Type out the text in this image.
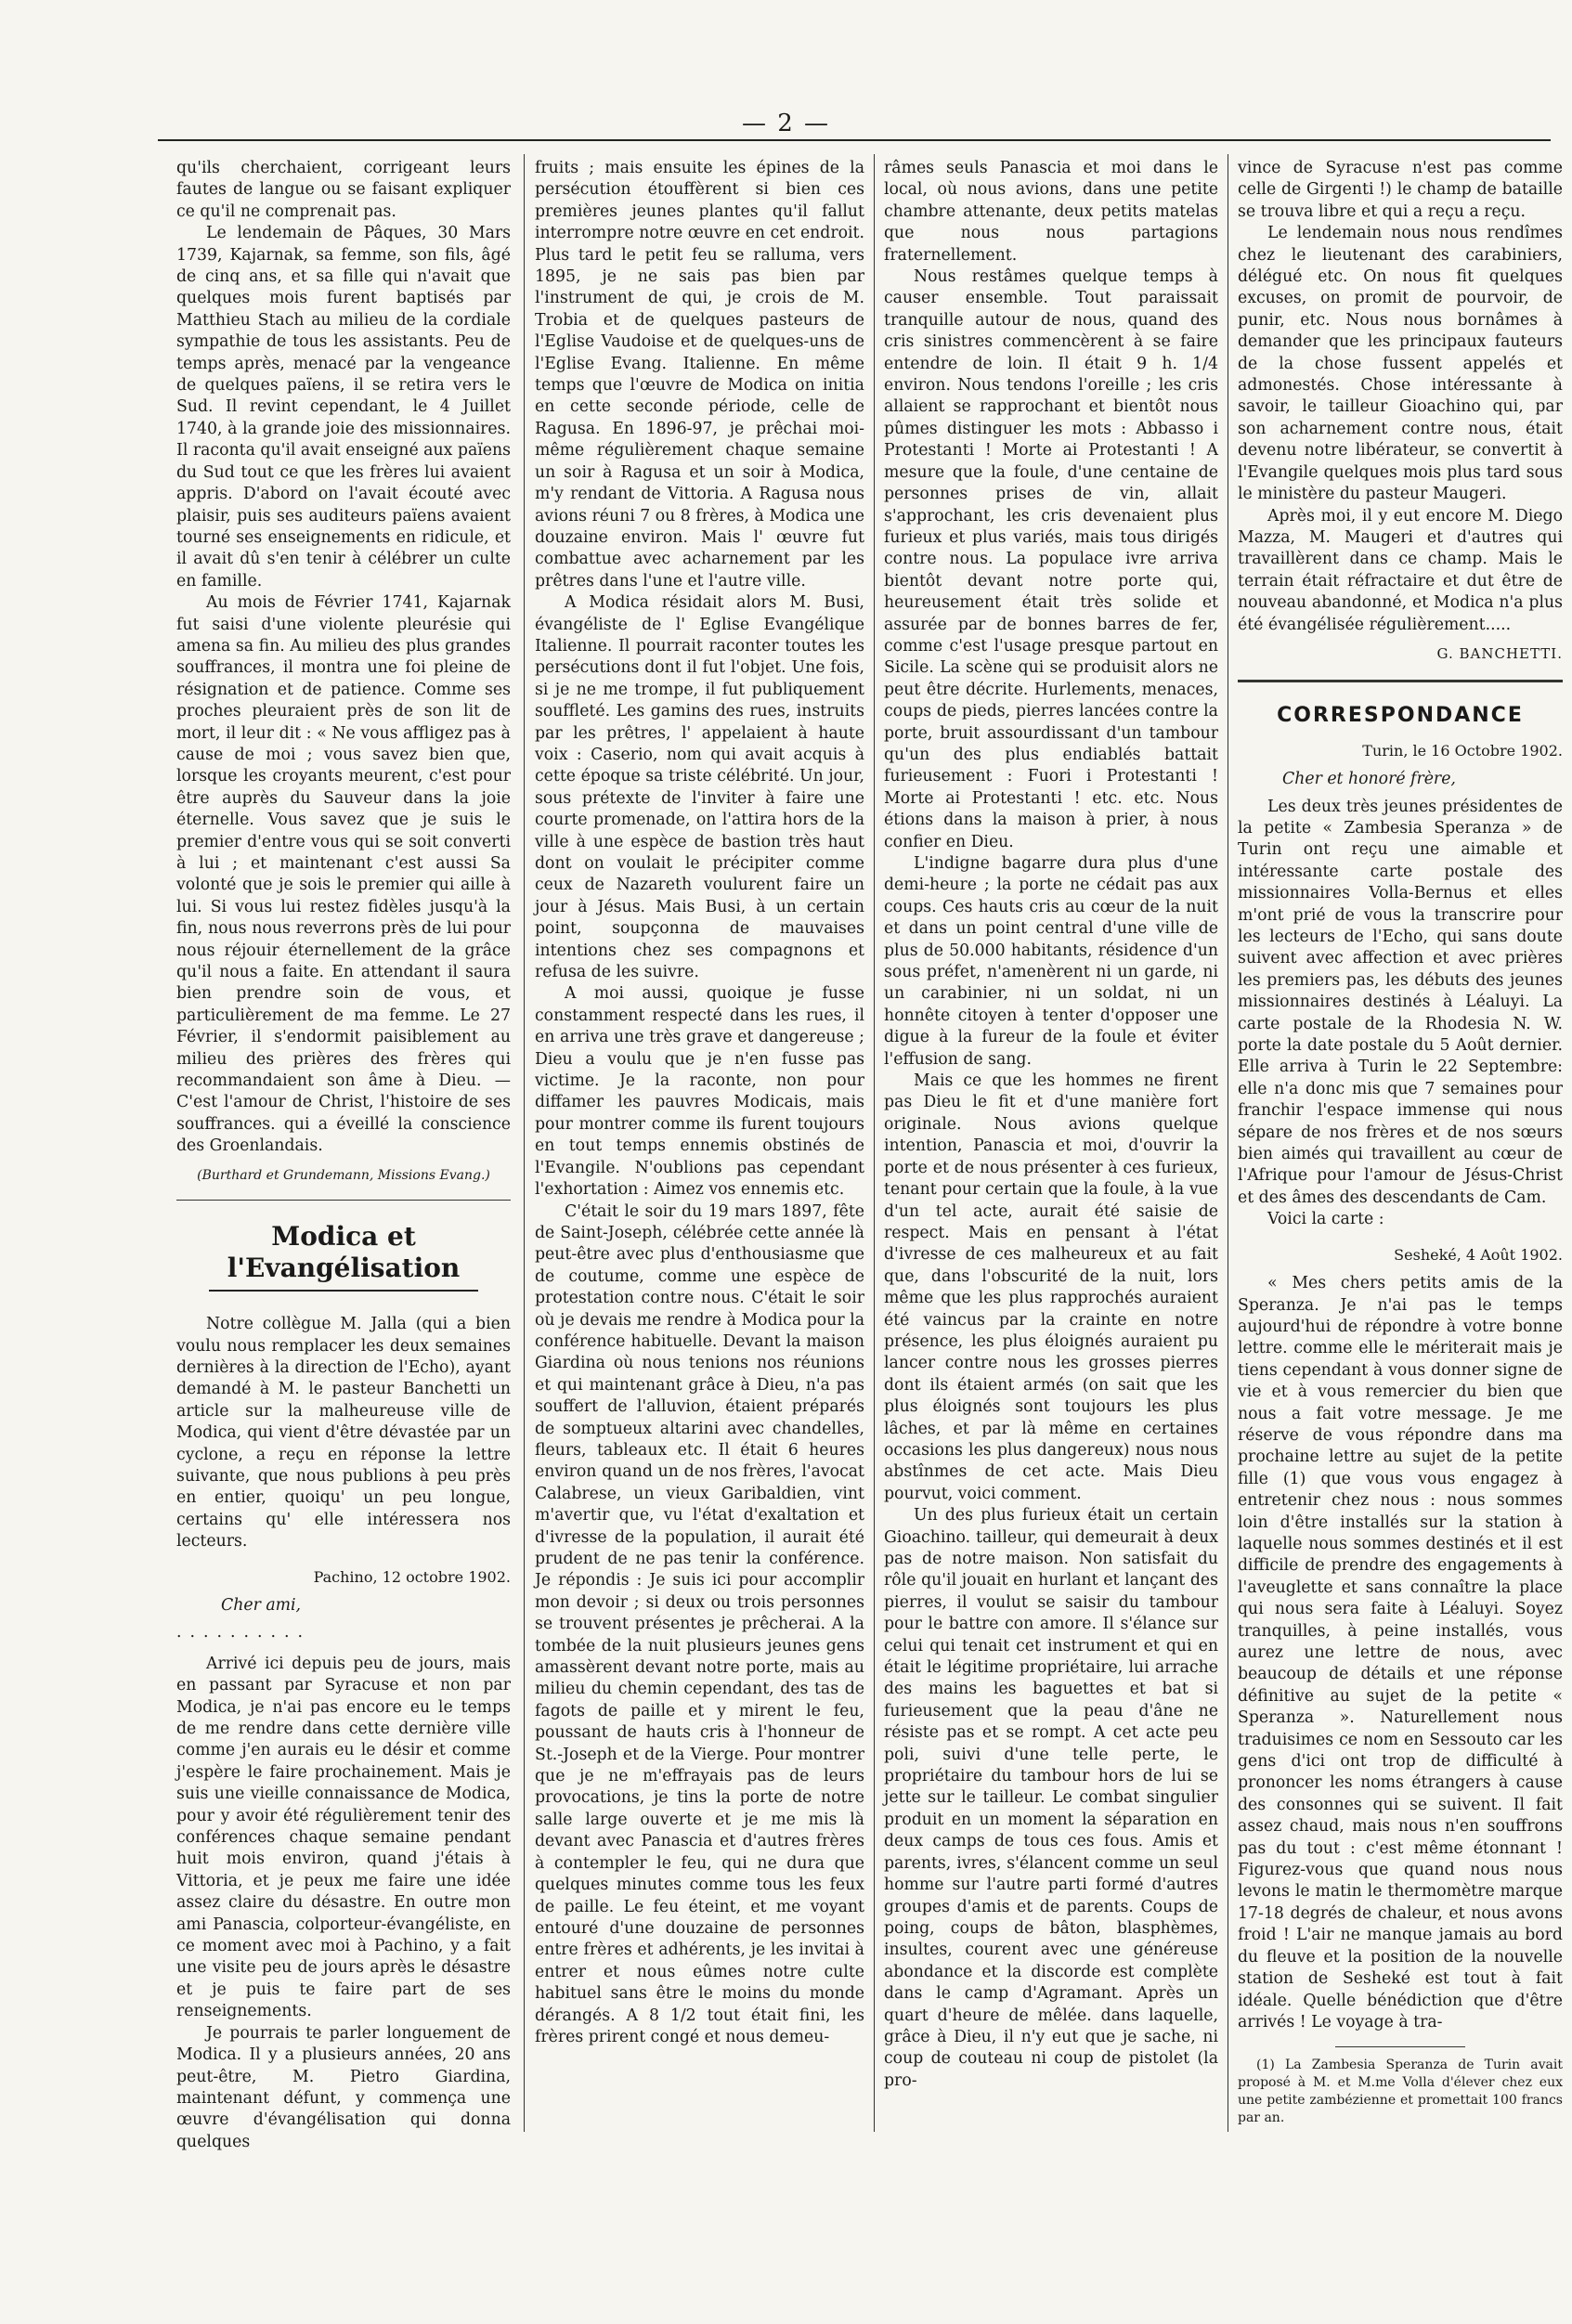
— 2 —

qu'ils cherchaient, corrigeant leurs fautes de langue ou se faisant expliquer ce qu'il ne comprenait pas.

Le lendemain de Pâques, 30 Mars 1739, Kajarnak, sa femme, son fils, âgé de cinq ans, et sa fille qui n'avait que quelques mois furent baptisés par Matthieu Stach au milieu de la cordiale sympathie de tous les assistants. Peu de temps après, menacé par la vengeance de quelques païens, il se retira vers le Sud. Il revint cependant, le 4 Juillet 1740, à la grande joie des missionnaires. Il raconta qu'il avait enseigné aux païens du Sud tout ce que les frères lui avaient appris. D'abord on l'avait écouté avec plaisir, puis ses auditeurs païens avaient tourné ses enseignements en ridicule, et il avait dû s'en tenir à célébrer un culte en famille.

Au mois de Février 1741, Kajarnak fut saisi d'une violente pleurésie qui amena sa fin. Au milieu des plus grandes souffrances, il montra une foi pleine de résignation et de patience. Comme ses proches pleuraient près de son lit de mort, il leur dit : « Ne vous affligez pas à cause de moi ; vous savez bien que, lorsque les croyants meurent, c'est pour être auprès du Sauveur dans la joie éternelle. Vous savez que je suis le premier d'entre vous qui se soit converti à lui ; et maintenant c'est aussi Sa volonté que je sois le premier qui aille à lui. Si vous lui restez fidèles jusqu'à la fin, nous nous reverrons près de lui pour nous réjouir éternellement de la grâce qu'il nous a faite. En attendant il saura bien prendre soin de vous, et particulièrement de ma femme. Le 27 Février, il s'endormit paisiblement au milieu des prières des frères qui recommandaient son âme à Dieu. — C'est l'amour de Christ, l'histoire de ses souffrances. qui a éveillé la conscience des Groenlandais.

(Burthard et Grundemann, Missions Evang.)

Modica et l'Evangélisation

Notre collègue M. Jalla (qui a bien voulu nous remplacer les deux semaines dernières à la direction de l'Echo), ayant demandé à M. le pasteur Banchetti un article sur la malheureuse ville de Modica, qui vient d'être dévastée par un cyclone, a reçu en réponse la lettre suivante, que nous publions à peu près en entier, quoiqu' un peu longue, certains qu' elle intéressera nos lecteurs.

Pachino, 12 octobre 1902.

Cher ami,

..........

Arrivé ici depuis peu de jours, mais en passant par Syracuse et non par Modica, je n'ai pas encore eu le temps de me rendre dans cette dernière ville comme j'en aurais eu le désir et comme j'espère le faire prochainement. Mais je suis une vieille connaissance de Modica, pour y avoir été régulièrement tenir des conférences chaque semaine pendant huit mois environ, quand j'étais à Vittoria, et je peux me faire une idée assez claire du désastre. En outre mon ami Panascia, colporteur-évangéliste, en ce moment avec moi à Pachino, y a fait une visite peu de jours après le désastre et je puis te faire part de ses renseignements.

Je pourrais te parler longuement de Modica. Il y a plusieurs années, 20 ans peut-être, M. Pietro Giardina, maintenant défunt, y commença une œuvre d'évangélisation qui donna quelques

fruits ; mais ensuite les épines de la persécution étouffèrent si bien ces premières jeunes plantes qu'il fallut interrompre notre œuvre en cet endroit. Plus tard le petit feu se ralluma, vers 1895, je ne sais pas bien par l'instrument de qui, je crois de M. Trobia et de quelques pasteurs de l'Eglise Vaudoise et de quelques-uns de l'Eglise Evang. Italienne. En même temps que l'œuvre de Modica on initia en cette seconde période, celle de Ragusa. En 1896-97, je prêchai moi-même régulièrement chaque semaine un soir à Ragusa et un soir à Modica, m'y rendant de Vittoria. A Ragusa nous avions réuni 7 ou 8 frères, à Modica une douzaine environ. Mais l' œuvre fut combattue avec acharnement par les prêtres dans l'une et l'autre ville.

A Modica résidait alors M. Busi, évangéliste de l' Eglise Evangélique Italienne. Il pourrait raconter toutes les persécutions dont il fut l'objet. Une fois, si je ne me trompe, il fut publiquement souffleté. Les gamins des rues, instruits par les prêtres, l' appelaient à haute voix : Caserio, nom qui avait acquis à cette époque sa triste célébrité. Un jour, sous prétexte de l'inviter à faire une courte promenade, on l'attira hors de la ville à une espèce de bastion très haut dont on voulait le précipiter comme ceux de Nazareth voulurent faire un jour à Jésus. Mais Busi, à un certain point, soupçonna de mauvaises intentions chez ses compagnons et refusa de les suivre.

A moi aussi, quoique je fusse constamment respecté dans les rues, il en arriva une très grave et dangereuse ; Dieu a voulu que je n'en fusse pas victime. Je la raconte, non pour diffamer les pauvres Modicais, mais pour montrer comme ils furent toujours en tout temps ennemis obstinés de l'Evangile. N'oublions pas cependant l'exhortation : Aimez vos ennemis etc.

C'était le soir du 19 mars 1897, fête de Saint-Joseph, célébrée cette année là peut-être avec plus d'enthousiasme que de coutume, comme une espèce de protestation contre nous. C'était le soir où je devais me rendre à Modica pour la conférence habituelle. Devant la maison Giardina où nous tenions nos réunions et qui maintenant grâce à Dieu, n'a pas souffert de l'alluvion, étaient préparés de somptueux altarini avec chandelles, fleurs, tableaux etc. Il était 6 heures environ quand un de nos frères, l'avocat Calabrese, un vieux Garibaldien, vint m'avertir que, vu l'état d'exaltation et d'ivresse de la population, il aurait été prudent de ne pas tenir la conférence. Je répondis : Je suis ici pour accomplir mon devoir ; si deux ou trois personnes se trouvent présentes je prêcherai. A la tombée de la nuit plusieurs jeunes gens amassèrent devant notre porte, mais au milieu du chemin cependant, des tas de fagots de paille et y mirent le feu, poussant de hauts cris à l'honneur de St.-Joseph et de la Vierge. Pour montrer que je ne m'effrayais pas de leurs provocations, je tins la porte de notre salle large ouverte et je me mis là devant avec Panascia et d'autres frères à contempler le feu, qui ne dura que quelques minutes comme tous les feux de paille. Le feu éteint, et me voyant entouré d'une douzaine de personnes entre frères et adhérents, je les invitai à entrer et nous eûmes notre culte habituel sans être le moins du monde dérangés. A 8 1/2 tout était fini, les frères prirent congé et nous demeu-

râmes seuls Panascia et moi dans le local, où nous avions, dans une petite chambre attenante, deux petits matelas que nous nous partagions fraternellement.

Nous restâmes quelque temps à causer ensemble. Tout paraissait tranquille autour de nous, quand des cris sinistres commencèrent à se faire entendre de loin. Il était 9 h. 1/4 environ. Nous tendons l'oreille ; les cris allaient se rapprochant et bientôt nous pûmes distinguer les mots : Abbasso i Protestanti ! Morte ai Protestanti ! A mesure que la foule, d'une centaine de personnes prises de vin, allait s'approchant, les cris devenaient plus furieux et plus variés, mais tous dirigés contre nous. La populace ivre arriva bientôt devant notre porte qui, heureusement était très solide et assurée par de bonnes barres de fer, comme c'est l'usage presque partout en Sicile. La scène qui se produisit alors ne peut être décrite. Hurlements, menaces, coups de pieds, pierres lancées contre la porte, bruit assourdissant d'un tambour qu'un des plus endiablés battait furieusement : Fuori i Protestanti ! Morte ai Protestanti ! etc. etc. Nous étions dans la maison à prier, à nous confier en Dieu.

L'indigne bagarre dura plus d'une demi-heure ; la porte ne cédait pas aux coups. Ces hauts cris au cœur de la nuit et dans un point central d'une ville de plus de 50.000 habitants, résidence d'un sous préfet, n'amenèrent ni un garde, ni un carabinier, ni un soldat, ni un honnête citoyen à tenter d'opposer une digue à la fureur de la foule et éviter l'effusion de sang.

Mais ce que les hommes ne firent pas Dieu le fit et d'une manière fort originale. Nous avions quelque intention, Panascia et moi, d'ouvrir la porte et de nous présenter à ces furieux, tenant pour certain que la foule, à la vue d'un tel acte, aurait été saisie de respect. Mais en pensant à l'état d'ivresse de ces malheureux et au fait que, dans l'obscurité de la nuit, lors même que les plus rapprochés auraient été vaincus par la crainte en notre présence, les plus éloignés auraient pu lancer contre nous les grosses pierres dont ils étaient armés (on sait que les plus éloignés sont toujours les plus lâches, et par là même en certaines occasions les plus dangereux) nous nous abstînmes de cet acte. Mais Dieu pourvut, voici comment.

Un des plus furieux était un certain Gioachino. tailleur, qui demeurait à deux pas de notre maison. Non satisfait du rôle qu'il jouait en hurlant et lançant des pierres, il voulut se saisir du tambour pour le battre con amore. Il s'élance sur celui qui tenait cet instrument et qui en était le légitime propriétaire, lui arrache des mains les baguettes et bat si furieusement que la peau d'âne ne résiste pas et se rompt. A cet acte peu poli, suivi d'une telle perte, le propriétaire du tambour hors de lui se jette sur le tailleur. Le combat singulier produit en un moment la séparation en deux camps de tous ces fous. Amis et parents, ivres, s'élancent comme un seul homme sur l'autre parti formé d'autres groupes d'amis et de parents. Coups de poing, coups de bâton, blasphèmes, insultes, courent avec une généreuse abondance et la discorde est complète dans le camp d'Agramant. Après un quart d'heure de mêlée. dans laquelle, grâce à Dieu, il n'y eut que je sache, ni coup de couteau ni coup de pistolet (la pro-

vince de Syracuse n'est pas comme celle de Girgenti !) le champ de bataille se trouva libre et qui a reçu a reçu.

Le lendemain nous nous rendîmes chez le lieutenant des carabiniers, délégué etc. On nous fit quelques excuses, on promit de pourvoir, de punir, etc. Nous nous bornâmes à demander que les principaux fauteurs de la chose fussent appelés et admonestés. Chose intéressante à savoir, le tailleur Gioachino qui, par son acharnement contre nous, était devenu notre libérateur, se convertit à l'Evangile quelques mois plus tard sous le ministère du pasteur Maugeri.

Après moi, il y eut encore M. Diego Mazza, M. Maugeri et d'autres qui travaillèrent dans ce champ. Mais le terrain était réfractaire et dut être de nouveau abandonné, et Modica n'a plus été évangélisée régulièrement.....

G. BANCHETTI.

CORRESPONDANCE

Turin, le 16 Octobre 1902.

Cher et honoré frère,

Les deux très jeunes présidentes de la petite « Zambesia Speranza » de Turin ont reçu une aimable et intéressante carte postale des missionnaires Volla-Bernus et elles m'ont prié de vous la transcrire pour les lecteurs de l'Echo, qui sans doute suivent avec affection et avec prières les premiers pas, les débuts des jeunes missionnaires destinés à Léaluyi. La carte postale de la Rhodesia N. W. porte la date postale du 5 Août dernier. Elle arriva à Turin le 22 Septembre: elle n'a donc mis que 7 semaines pour franchir l'espace immense qui nous sépare de nos frères et de nos sœurs bien aimés qui travaillent au cœur de l'Afrique pour l'amour de Jésus-Christ et des âmes des descendants de Cam.

Voici la carte :

Sesheké, 4 Août 1902.

« Mes chers petits amis de la Speranza. Je n'ai pas le temps aujourd'hui de répondre à votre bonne lettre. comme elle le mériterait mais je tiens cependant à vous donner signe de vie et à vous remercier du bien que nous a fait votre message. Je me réserve de vous répondre dans ma prochaine lettre au sujet de la petite fille (1) que vous vous engagez à entretenir chez nous : nous sommes loin d'être installés sur la station à laquelle nous sommes destinés et il est difficile de prendre des engagements à l'aveuglette et sans connaître la place qui nous sera faite à Léaluyi. Soyez tranquilles, à peine installés, vous aurez une lettre de nous, avec beaucoup de détails et une réponse définitive au sujet de la petite « Speranza ». Naturellement nous traduisimes ce nom en Sessouto car les gens d'ici ont trop de difficulté à prononcer les noms étrangers à cause des consonnes qui se suivent. Il fait assez chaud, mais nous n'en souffrons pas du tout : c'est même étonnant ! Figurez-vous que quand nous nous levons le matin le thermomètre marque 17-18 degrés de chaleur, et nous avons froid ! L'air ne manque jamais au bord du fleuve et la position de la nouvelle station de Sesheké est tout à fait idéale. Quelle bénédiction que d'être arrivés ! Le voyage à tra-

(1) La Zambesia Speranza de Turin avait proposé à M. et M.me Volla d'élever chez eux une petite zambézienne et promettait 100 francs par an.
